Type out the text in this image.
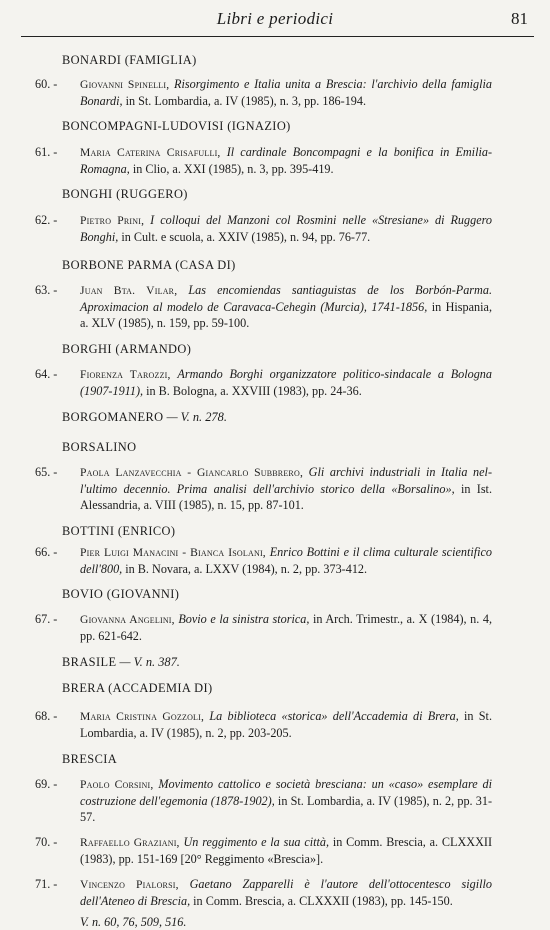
Libri e periodici	81
BONARDI (FAMIGLIA)
60. - Giovanni Spinelli, Risorgimento e Italia unita a Brescia: l'archivio della famiglia Bonardi, in St. Lombardia, a. IV (1985), n. 3, pp. 186-194.
BONCOMPAGNI-LUDOVISI (IGNAZIO)
61. - Maria Caterina Crisafulli, Il cardinale Boncompagni e la bonifica in Emilia-Romagna, in Clio, a. XXI (1985), n. 3, pp. 395-419.
BONGHI (RUGGERO)
62. - Pietro Prini, I colloqui del Manzoni col Rosmini nelle «Stresiane» di Ruggero Bonghi, in Cult. e scuola, a. XXIV (1985), n. 94, pp. 76-77.
BORBONE PARMA (CASA DI)
63. - Juan Bta. Vilar, Las encomiendas santiaguistas de los Borbón-Parma. Aproximacion al modelo de Caravaca-Cehegin (Murcia), 1741-1856, in Hispania, a. XLV (1985), n. 159, pp. 59-100.
BORGHI (ARMANDO)
64. - Fiorenza Tarozzi, Armando Borghi organizzatore politico-sindacale a Bologna (1907-1911), in B. Bologna, a. XXVIII (1983), pp. 24-36.
BORGOMANERO — V. n. 278.
BORSALINO
65. - Paola Lanzavecchia - Giancarlo Subbrero, Gli archivi industriali in Italia nel-l'ultimo decennio. Prima analisi dell'archivio storico della «Borsalino», in Ist. Alessandria, a. VIII (1985), n. 15, pp. 87-101.
BOTTINI (ENRICO)
66. - Pier Luigi Manacini - Bianca Isolani, Enrico Bottini e il clima culturale scientifico dell'800, in B. Novara, a. LXXV (1984), n. 2, pp. 373-412.
BOVIO (GIOVANNI)
67. - Giovanna Angelini, Bovio e la sinistra storica, in Arch. Trimestr., a. X (1984), n. 4, pp. 621-642.
BRASILE — V. n. 387.
BRERA (ACCADEMIA DI)
68. - Maria Cristina Gozzoli, La biblioteca «storica» dell'Accademia di Brera, in St. Lombardia, a. IV (1985), n. 2, pp. 203-205.
BRESCIA
69. - Paolo Corsini, Movimento cattolico e società bresciana: un «caso» esemplare di costruzione dell'egemonia (1878-1902), in St. Lombardia, a. IV (1985), n. 2, pp. 31-57.
70. - Raffaello Graziani, Un reggimento e la sua città, in Comm. Brescia, a. CLXXXII (1983), pp. 151-169 [20° Reggimento «Brescia»].
71. - Vincenzo Pialorsi, Gaetano Zapparelli è l'autore dell'ottocentesco sigillo dell'Ateneo di Brescia, in Comm. Brescia, a. CLXXXII (1983), pp. 145-150.
V. n. 60, 76, 509, 516.
